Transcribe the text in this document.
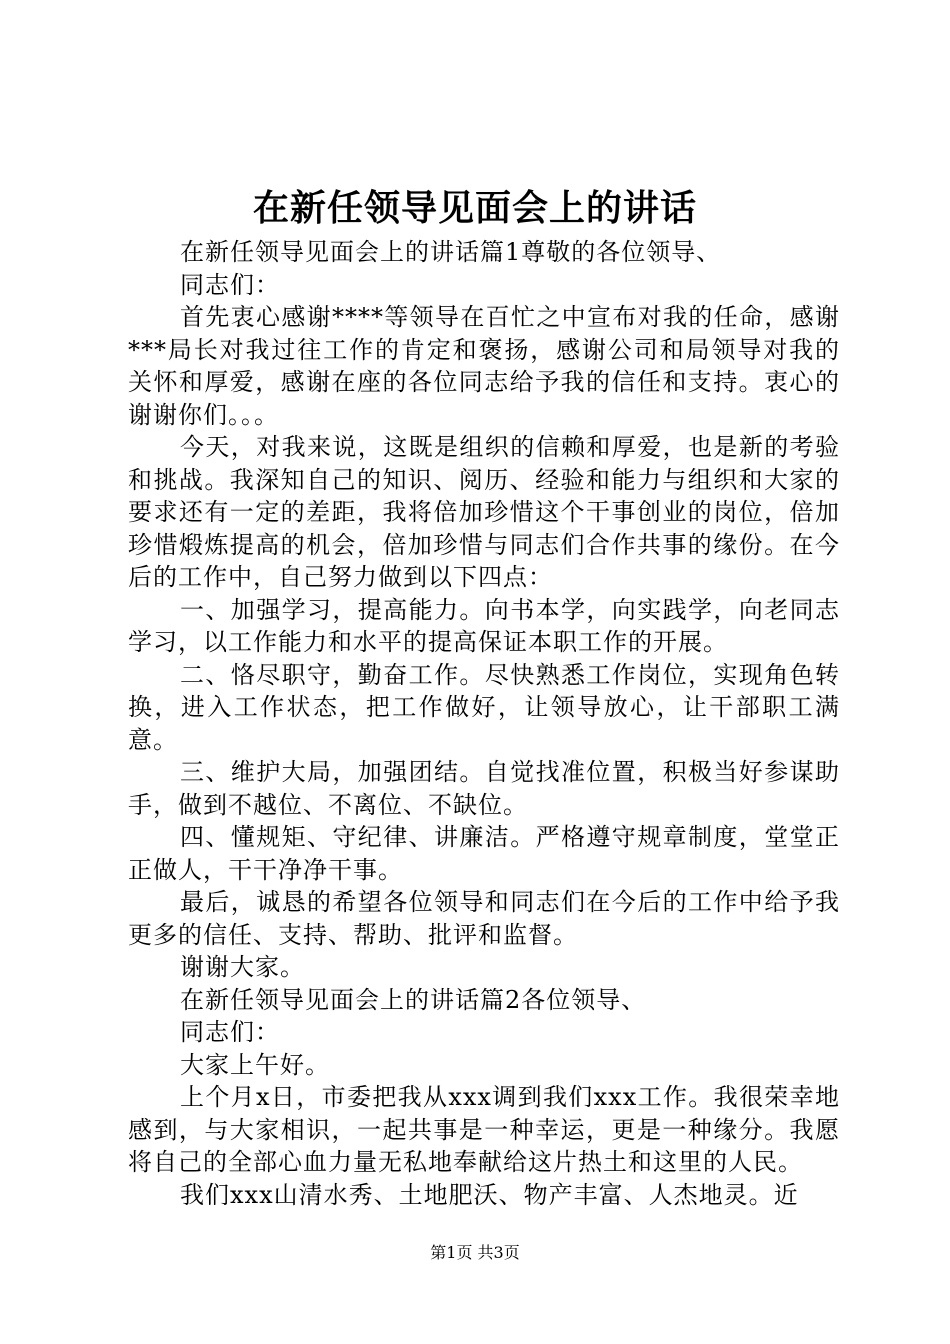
在新任领导见面会上的讲话

在新任领导见面会上的讲话篇1尊敬的各位领导、

同志们：

首先衷心感谢****等领导在百忙之中宣布对我的任命，感谢***局长对我过往工作的肯定和褒扬，感谢公司和局领导对我的关怀和厚爱，感谢在座的各位同志给予我的信任和支持。衷心的谢谢你们。。。

今天，对我来说，这既是组织的信赖和厚爱，也是新的考验和挑战。我深知自己的知识、阅历、经验和能力与组织和大家的要求还有一定的差距，我将倍加珍惜这个干事创业的岗位，倍加珍惜煅炼提高的机会，倍加珍惜与同志们合作共事的缘份。在今后的工作中，自己努力做到以下四点：

一、加强学习，提高能力。向书本学，向实践学，向老同志学习，以工作能力和水平的提高保证本职工作的开展。

二、恪尽职守，勤奋工作。尽快熟悉工作岗位，实现角色转换，进入工作状态，把工作做好，让领导放心，让干部职工满意。

三、维护大局，加强团结。自觉找准位置，积极当好参谋助手，做到不越位、不离位、不缺位。

四、懂规矩、守纪律、讲廉洁。严格遵守规章制度，堂堂正正做人，干干净净干事。

最后，诚恳的希望各位领导和同志们在今后的工作中给予我更多的信任、支持、帮助、批评和监督。

谢谢大家。

在新任领导见面会上的讲话篇2各位领导、

同志们：

大家上午好。

上个月x日，市委把我从xxx调到我们xxx工作。我很荣幸地感到，与大家相识，一起共事是一种幸运，更是一种缘分。我愿将自己的全部心血力量无私地奉献给这片热土和这里的人民。

我们xxx山清水秀、土地肥沃、物产丰富、人杰地灵。近

第1页 共3页
